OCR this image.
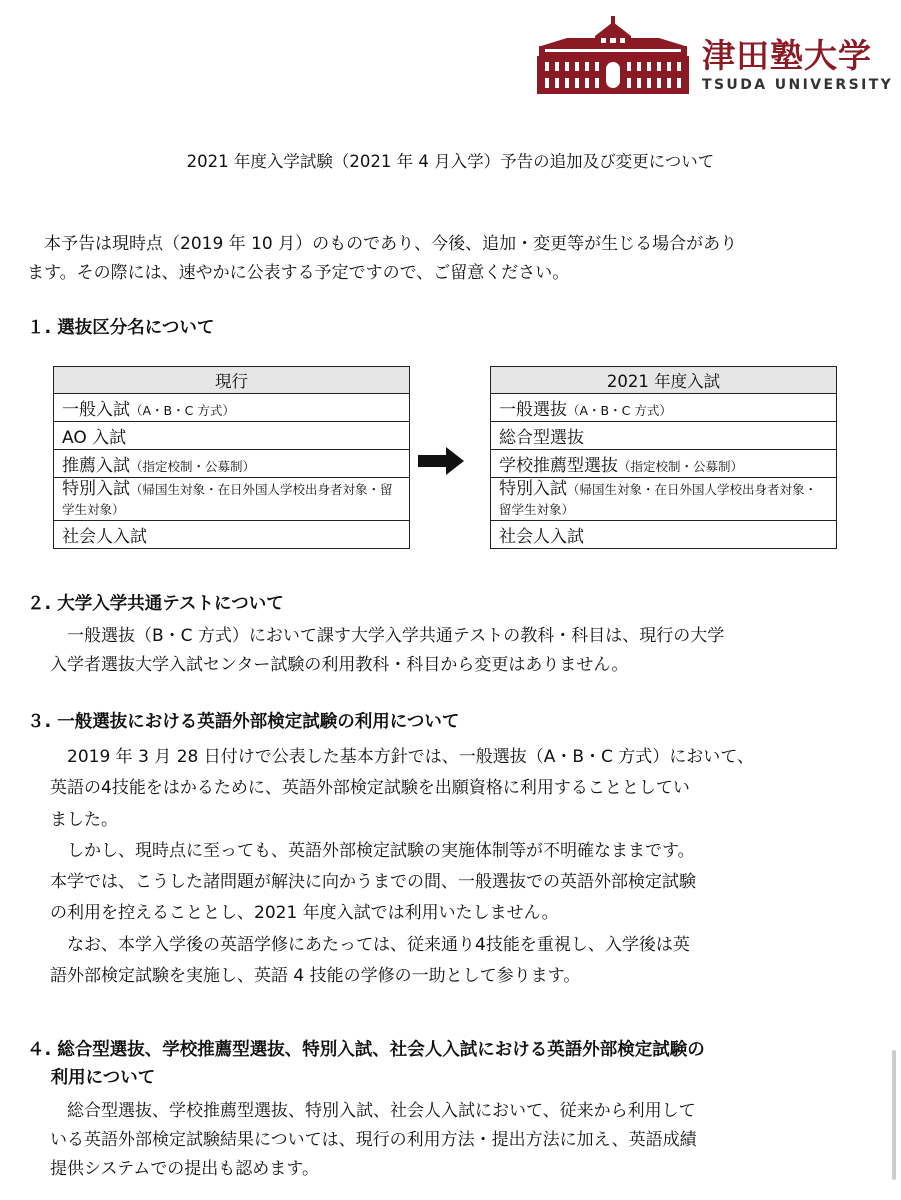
津田塾大学
TSUDA UNIVERSITY
2021 年度入学試験（2021 年 4 月入学）予告の追加及び変更について
　本予告は現時点（2019 年 10 月）のものであり、今後、追加・変更等が生じる場合があり
ます。その際には、速やかに公表する予定ですので、ご留意ください。
１. 選抜区分名について
現行
一般入試（A・B・C 方式）
AO 入試
推薦入試（指定校制・公募制）
特別入試（帰国生対象・在日外国人学校出身者対象・留学生対象）
社会人入試
2021 年度入試
一般選抜（A・B・C 方式）
総合型選抜
学校推薦型選抜（指定校制・公募制）
特別入試（帰国生対象・在日外国人学校出身者対象・留学生対象）
社会人入試
２. 大学入学共通テストについて
　一般選抜（B・C 方式）において課す大学入学共通テストの教科・科目は、現行の大学
入学者選抜大学入試センター試験の利用教科・科目から変更はありません。
３. 一般選抜における英語外部検定試験の利用について
　2019 年 3 月 28 日付けで公表した基本方針では、一般選抜（A・B・C 方式）において、
英語の4技能をはかるために、英語外部検定試験を出願資格に利用することとしてい
ました。
　しかし、現時点に至っても、英語外部検定試験の実施体制等が不明確なままです。
本学では、こうした諸問題が解決に向かうまでの間、一般選抜での英語外部検定試験
の利用を控えることとし、2021 年度入試では利用いたしません。
　なお、本学入学後の英語学修にあたっては、従来通り4技能を重視し、入学後は英
語外部検定試験を実施し、英語 4 技能の学修の一助として参ります。
４. 総合型選抜、学校推薦型選抜、特別入試、社会人入試における英語外部検定試験の
　 利用について
　総合型選抜、学校推薦型選抜、特別入試、社会人入試において、従来から利用して
いる英語外部検定試験結果については、現行の利用方法・提出方法に加え、英語成績
提供システムでの提出も認めます。
